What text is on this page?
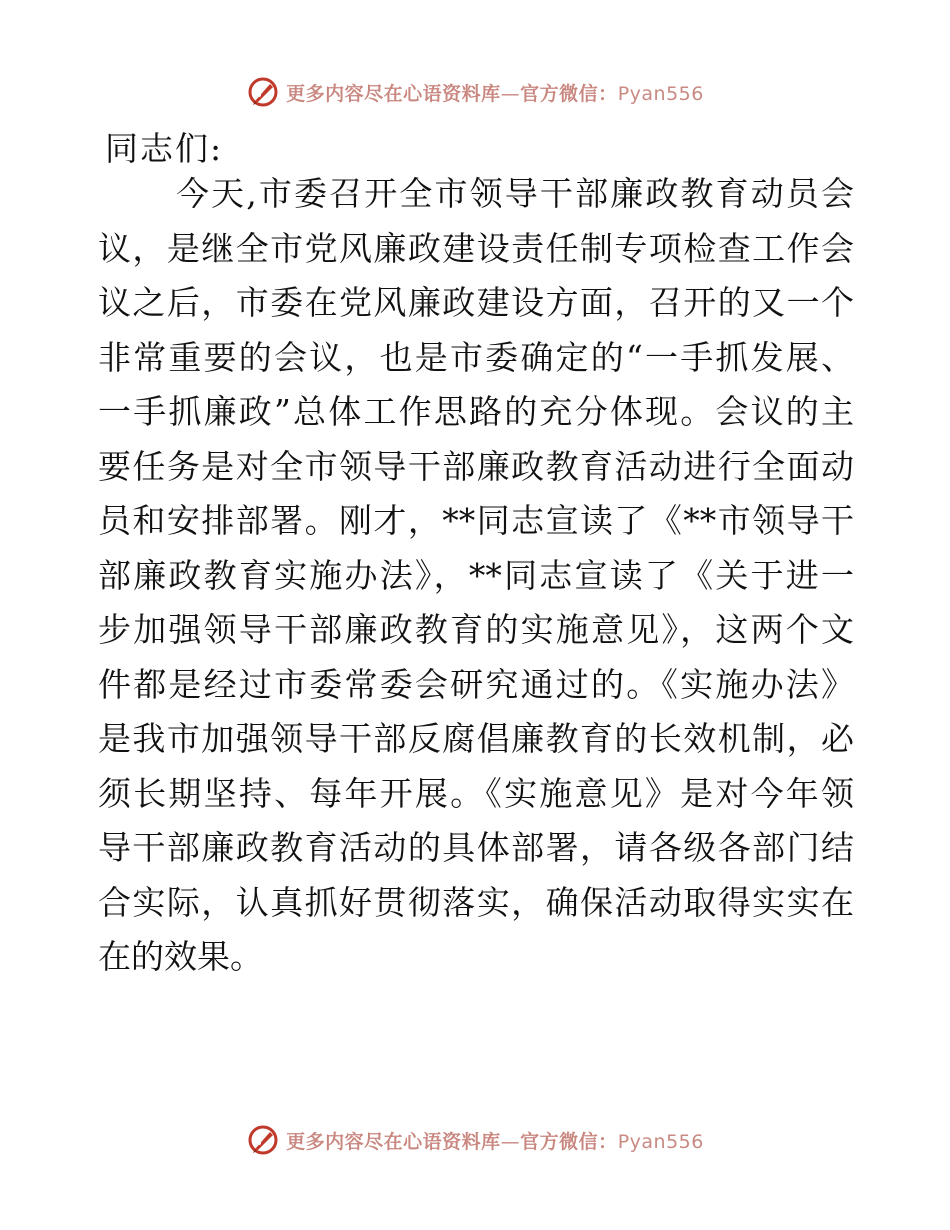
更多内容尽在心语资料库—官方微信：Pyan556
同志们:
今天,市委召开全市领导干部廉政教育动员会
议，是继全市党风廉政建设责任制专项检查工作会
议之后，市委在党风廉政建设方面，召开的又一个
非常重要的会议，也是市委确定的“一手抓发展、
一手抓廉政”总体工作思路的充分体现。会议的主
要任务是对全市领导干部廉政教育活动进行全面动
员和安排部署。刚才，**同志宣读了《**市领导干
部廉政教育实施办法》，**同志宣读了《关于进一
步加强领导干部廉政教育的实施意见》，这两个文
件都是经过市委常委会研究通过的。《实施办法》
是我市加强领导干部反腐倡廉教育的长效机制，必
须长期坚持、每年开展。《实施意见》是对今年领
导干部廉政教育活动的具体部署，请各级各部门结
合实际，认真抓好贯彻落实，确保活动取得实实在
在的效果。
更多内容尽在心语资料库—官方微信：Pyan556
